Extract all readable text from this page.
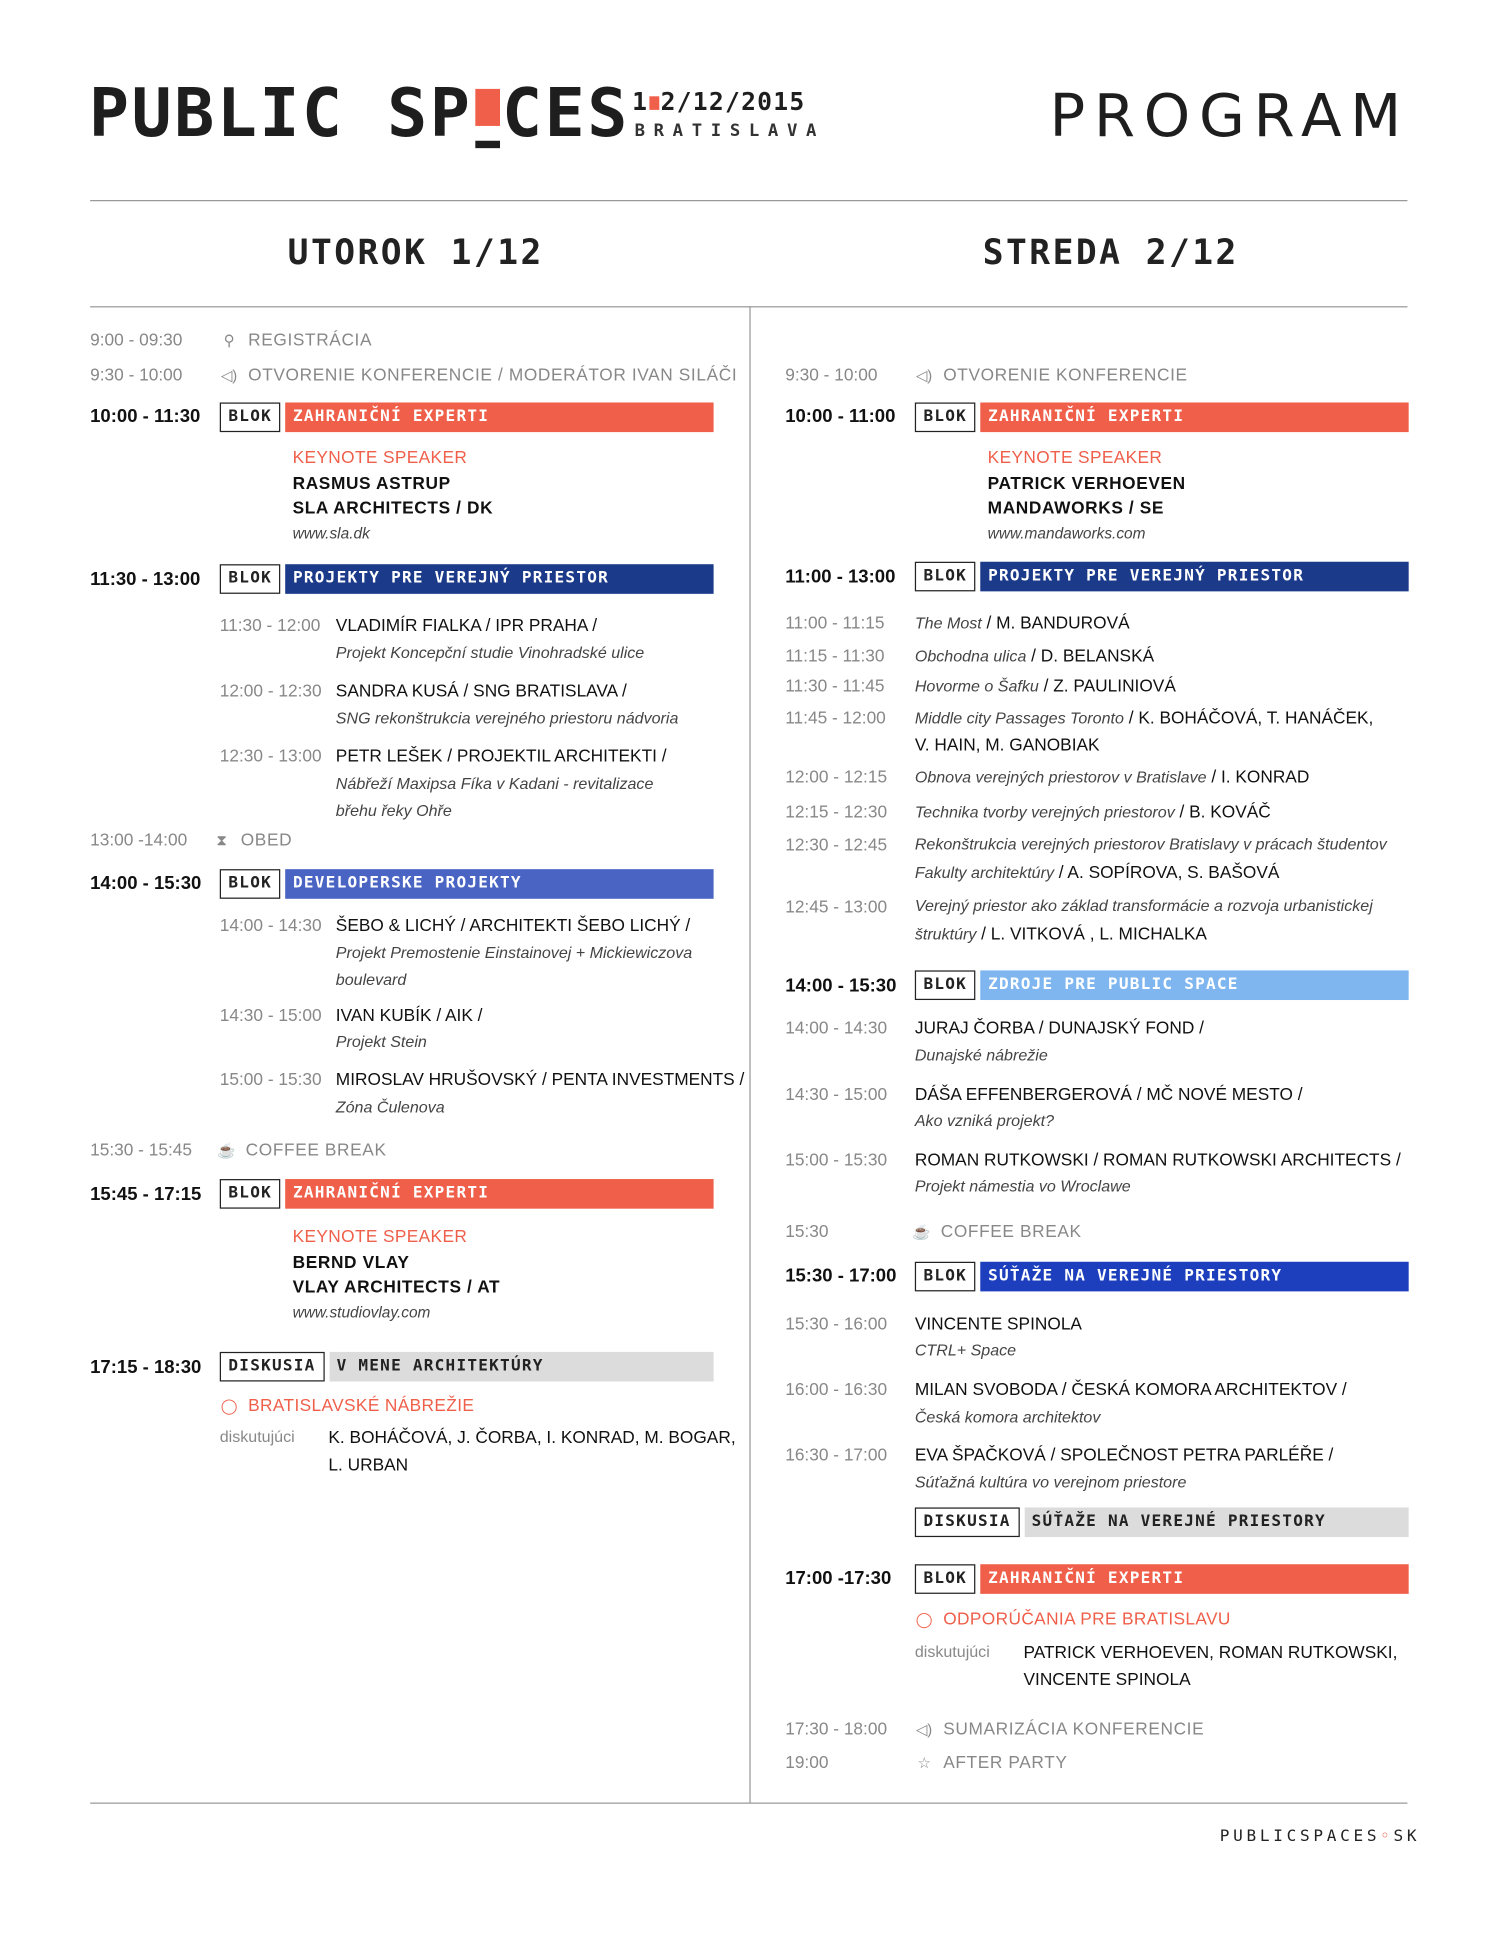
PUBLIC SP CES 1 2/12/2015
BRATISLAVA	PROGRAM
UTOROK 1/12	STREDA 2/12
9:00 - 09:30	⚲ REGISTRÁCIA
9:30 - 10:00	◁) OTVORENIE KONFERENCIE / MODERÁTOR IVAN SILÁČI
10:00 - 11:30	BLOK	ZAHRANIČNÍ EXPERTI
KEYNOTE SPEAKER
RASMUS ASTRUP
SLA ARCHITECTS / DK
www.sla.dk
11:30 - 13:00	BLOK	PROJEKTY PRE VEREJNÝ PRIESTOR
11:30 - 12:00 VLADIMÍR FIALKA / IPR PRAHA /
Projekt Koncepční studie Vinohradské ulice
12:00 - 12:30 SANDRA KUSÁ / SNG BRATISLAVA /
SNG rekonštrukcia verejného priestoru nádvoria
12:30 - 13:00 PETR LEŠEK / PROJEKTIL ARCHITEKTI /
Nábřeží Maxipsa Fíka v Kadani - revitalizace
břehu řeky Ohře
13:00 -14:00	⧗ OBED
14:00 - 15:30	BLOK	DEVELOPERSKE PROJEKTY
14:00 - 14:30 ŠEBO & LICHÝ / ARCHITEKTI ŠEBO LICHÝ /
Projekt Premostenie Einstainovej + Mickiewiczova
boulevard
14:30 - 15:00 IVAN KUBÍK / AIK /
Projekt Stein
15:00 - 15:30 MIROSLAV HRUŠOVSKÝ / PENTA INVESTMENTS /
Zóna Čulenova
15:30 - 15:45 ☕ COFFEE BREAK
15:45 - 17:15	BLOK	ZAHRANIČNÍ EXPERTI
KEYNOTE SPEAKER
BERND VLAY
VLAY ARCHITECTS / AT
www.studiovlay.com
17:15 - 18:30	DISKUSIA	V MENE ARCHITEKTÚRY
◯ BRATISLAVSKÉ NÁBREŽIE
diskutujúci K. BOHÁČOVÁ, J. ČORBA, I. KONRAD, M. BOGAR,
L. URBAN
9:30 - 10:00	◁) OTVORENIE KONFERENCIE
10:00 - 11:00	BLOK	ZAHRANIČNÍ EXPERTI
KEYNOTE SPEAKER
PATRICK VERHOEVEN
MANDAWORKS / SE
www.mandaworks.com
11:00 - 13:00	BLOK	PROJEKTY PRE VEREJNÝ PRIESTOR
11:00 - 11:15 The Most / M. BANDUROVÁ
11:15 - 11:30 Obchodna ulica / D. BELANSKÁ
11:30 - 11:45 Hovorme o Šafku / Z. PAULINIOVÁ
11:45 - 12:00 Middle city Passages Toronto / K. BOHÁČOVÁ, T. HANÁČEK,
V. HAIN, M. GANOBIAK
12:00 - 12:15 Obnova verejných priestorov v Bratislave / I. KONRAD
12:15 - 12:30 Technika tvorby verejných priestorov / B. KOVÁČ
12:30 - 12:45 Rekonštrukcia verejných priestorov Bratislavy v prácach študentov
Fakulty architektúry / A. SOPÍROVA, S. BAŠOVÁ
12:45 - 13:00 Verejný priestor ako základ transformácie a rozvoja urbanistickej
štruktúry / L. VITKOVÁ , L. MICHALKA
14:00 - 15:30	BLOK	ZDROJE PRE PUBLIC SPACE
14:00 - 14:30 JURAJ ČORBA / DUNAJSKÝ FOND /
Dunajské nábrežie
14:30 - 15:00 DÁŠA EFFENBERGEROVÁ / MČ NOVÉ MESTO /
Ako vzniká projekt?
15:00 - 15:30 ROMAN RUTKOWSKI / ROMAN RUTKOWSKI ARCHITECTS /
Projekt námestia vo Wroclawe
15:30	☕ COFFEE BREAK
15:30 - 17:00	BLOK	SÚŤAŽE NA VEREJNÉ PRIESTORY
15:30 - 16:00 VINCENTE SPINOLA
CTRL+ Space
16:00 - 16:30 MILAN SVOBODA / ČESKÁ KOMORA ARCHITEKTOV /
Česká komora architektov
16:30 - 17:00 EVA ŠPAČKOVÁ / SPOLEČNOST PETRA PARLÉŘE /
Súťažná kultúra vo verejnom priestore
DISKUSIA	SÚŤAŽE NA VEREJNÉ PRIESTORY
17:00 -17:30	BLOK	ZAHRANIČNÍ EXPERTI
◯ ODPORÚČANIA PRE BRATISLAVU
diskutujúci PATRICK VERHOEVEN, ROMAN RUTKOWSKI,
VINCENTE SPINOLA
17:30 - 18:00 ◁) SUMARIZÁCIA KONFERENCIE
19:00	☆ AFTER PARTY
PUBLICSPACES◦SK
